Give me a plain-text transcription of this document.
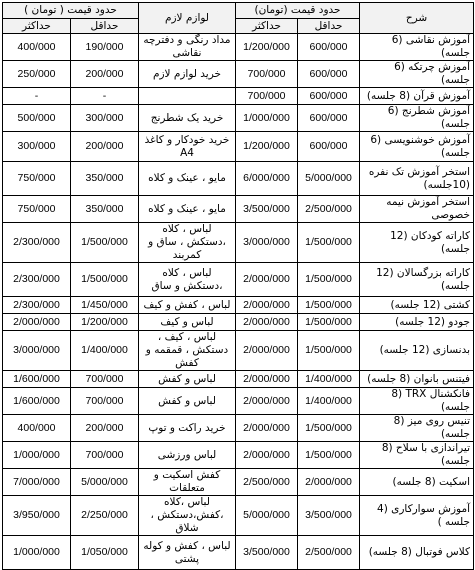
شرح	حدود قیمت (تومان)		لوازم لازم	حدود قیمت ( تومان )	
	حداقل	حداکثر		حداقل	حداکثر
آموزش نقاشی (6 جلسه)	600/000	1/200/000	مداد رنگی و دفترچه نقاشی	190/000	400/000
آموزش چرتکه (6 جلسه)	600/000	700/000	خرید لوازم لازم	200/000	250/000
آموزش قرآن (8 جلسه)	600/000	700/000		-	-
آموزش شطرنج (6 جلسه)	600/000	1/000/000	خرید یک شطرنج	300/000	500/000
آموزش خوشنویسی (6 جلسه)	600/000	1/200/000	خرید خودکار و کاغذ A4	200/000	300/000
استخر آموزش تک نفره (10جلسه)	5/000/000	6/000/000	مایو ، عینک و کلاه	350/000	750/000
استخر آموزش نیمه خصوصی	2/500/000	3/500/000	مایو ، عینک و کلاه	350/000	750/000
کاراته کودکان (12 جلسه)	1/500/000	3/000/000	لباس ، کلاه ،دستکش ، ساق و کمربند	1/500/000	2/300/000
کاراته بزرگسالان (12 جلسه)	1/500/000	2/000/000	لباس ، کلاه ،دستکش و ساق	1/500/000	2/300/000
کشتی (12 جلسه)	1/500/000	2/000/000	لباس ، کفش و کیف	1/450/000	2/300/000
جودو (12 جلسه)	1/500/000	2/000/000	لباس و کیف	1/200/000	2/000/000
بدنسازی (12 جلسه)	1/500/000	2/000/000	لباس ، کیف ، دستکش ، قمقمه و کفش	1/400/000	3/000/000
فیتنس بانوان (8 جلسه)	1/400/000	2/000/000	لباس و کفش	700/000	1/600/000
فانکشنال TRX (8 جلسه)	1/400/000	2/000/000	لباس و کفش	700/000	1/600/000
تنیس روی میز (8 جلسه)	1/500/000	2/000/000	خرید راکت و توپ	200/000	400/000
تیراندازی با سلاح (8 جلسه)	1/500/000	2/000/000	لباس ورزشی	700/000	1/000/000
اسکیت (8 جلسه)	2/000/000	2/500/000	کفش اسکیت و متعلقات	5/000/000	7/000/000
آموزش سوارکاری (4 جلسه )	3/500/000	5/000/000	لباس ،کلاه ،کفش،دستکش ، شلاق	2/250/000	3/950/000
کلاس فوتبال (8 جلسه)	2/500/000	3/500/000	لباس ، کفش و کوله پشتی	1/050/000	1/000/000
